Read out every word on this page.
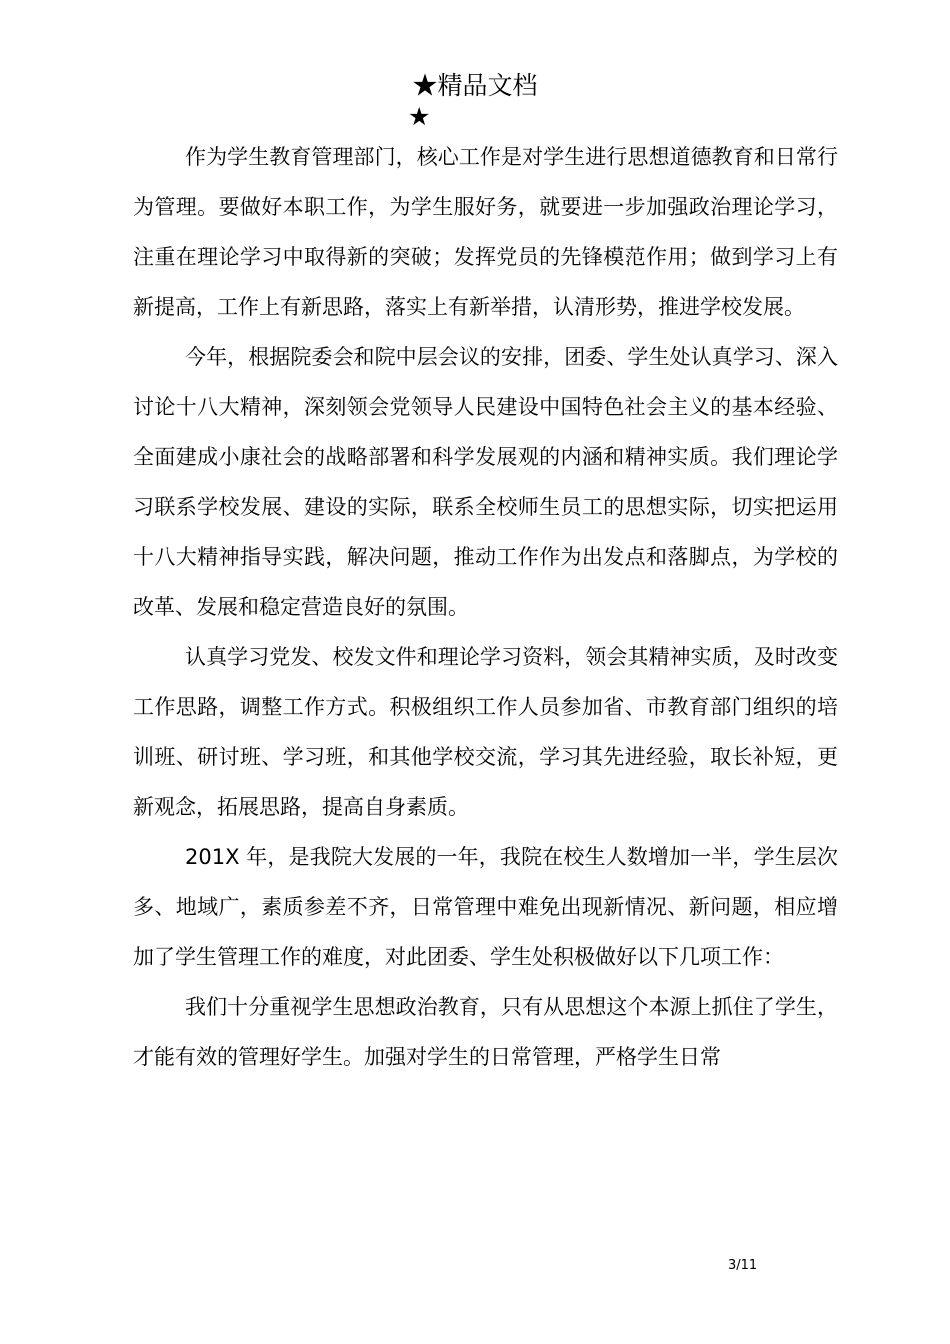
★精品文档
★

作为学生教育管理部门，核心工作是对学生进行思想道德教育和日常行为管理。要做好本职工作，为学生服好务，就要进一步加强政治理论学习，注重在理论学习中取得新的突破；发挥党员的先锋模范作用；做到学习上有新提高，工作上有新思路，落实上有新举措，认清形势，推进学校发展。

今年，根据院委会和院中层会议的安排，团委、学生处认真学习、深入讨论十八大精神，深刻领会党领导人民建设中国特色社会主义的基本经验、全面建成小康社会的战略部署和科学发展观的内涵和精神实质。我们理论学习联系学校发展、建设的实际，联系全校师生员工的思想实际，切实把运用十八大精神指导实践，解决问题，推动工作作为出发点和落脚点，为学校的改革、发展和稳定营造良好的氛围。

认真学习党发、校发文件和理论学习资料，领会其精神实质，及时改变工作思路，调整工作方式。积极组织工作人员参加省、市教育部门组织的培训班、研讨班、学习班，和其他学校交流，学习其先进经验，取长补短，更新观念，拓展思路，提高自身素质。

201X 年，是我院大发展的一年，我院在校生人数增加一半，学生层次多、地域广，素质参差不齐，日常管理中难免出现新情况、新问题，相应增加了学生管理工作的难度，对此团委、学生处积极做好以下几项工作：

我们十分重视学生思想政治教育，只有从思想这个本源上抓住了学生，才能有效的管理好学生。加强对学生的日常管理，严格学生日常

3/11
